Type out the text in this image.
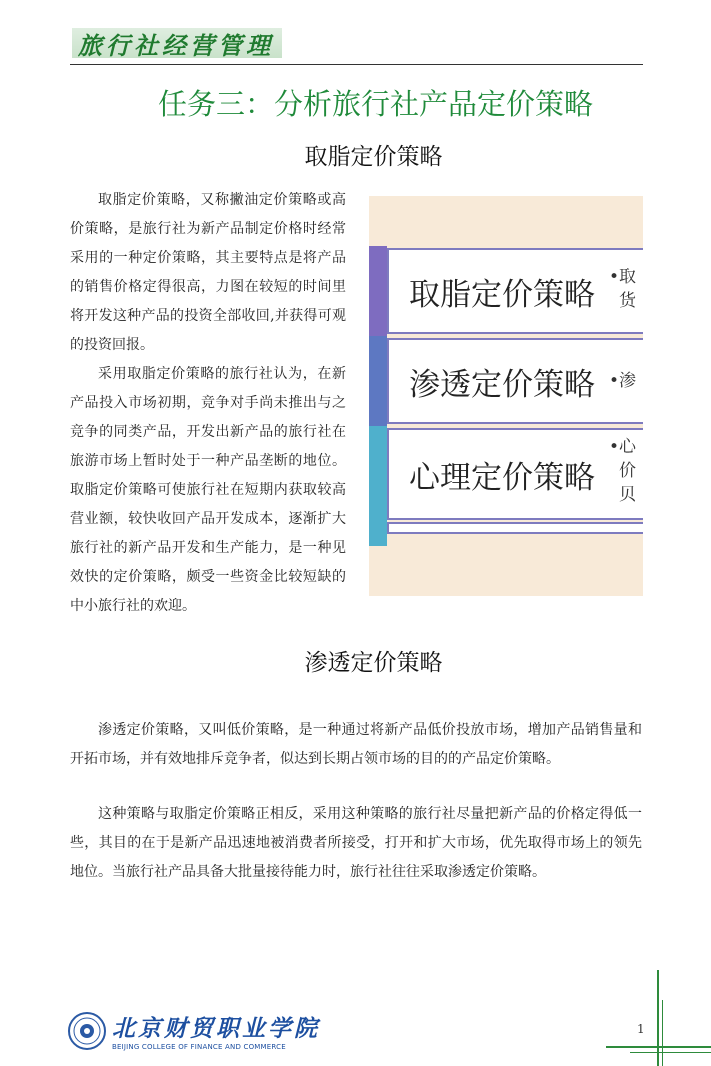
旅行社经营管理
任务三：分析旅行社产品定价策略
取脂定价策略

取脂定价策略，又称撇油定价策略或高价策略，是旅行社为新产品制定价格时经常采用的一种定价策略，其主要特点是将产品的销售价格定得很高，力图在较短的时间里将开发这种产品的投资全部收回,并获得可观的投资回报。

采用取脂定价策略的旅行社认为，在新产品投入市场初期，竞争对手尚未推出与之竞争的同类产品，开发出新产品的旅行社在旅游市场上暂时处于一种产品垄断的地位。取脂定价策略可使旅行社在短期内获取较高营业额，较快收回产品开发成本，逐渐扩大旅行社的新产品开发和生产能力，是一种见效快的定价策略，颇受一些资金比较短缺的中小旅行社的欢迎。

取脂定价策略
渗透定价策略
心理定价策略
•取
货
•渗
•心
价
贝
渗透定价策略

渗透定价策略，又叫低价策略，是一种通过将新产品低价投放市场，增加产品销售量和开拓市场，并有效地排斥竞争者，似达到长期占领市场的目的的产品定价策略。

这种策略与取脂定价策略正相反，采用这种策略的旅行社尽量把新产品的价格定得低一些，其目的在于是新产品迅速地被消费者所接受，打开和扩大市场，优先取得市场上的领先地位。当旅行社产品具备大批量接待能力时，旅行社往往采取渗透定价策略。

北京财贸职业学院
BEIJING COLLEGE OF FINANCE AND COMMERCE
1
